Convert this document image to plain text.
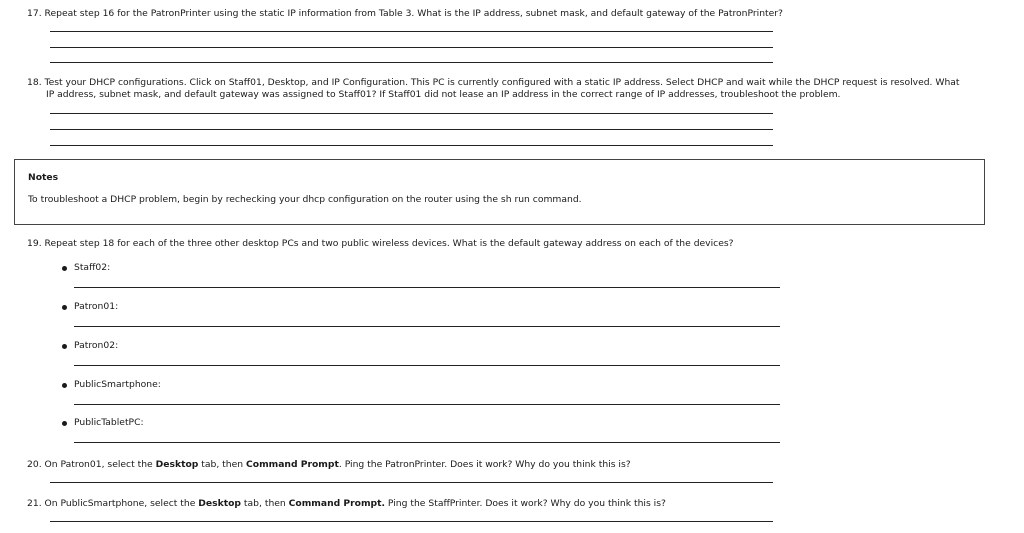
17. Repeat step 16 for the PatronPrinter using the static IP information from Table 3. What is the IP address, subnet mask, and default gateway of the PatronPrinter?
18. Test your DHCP configurations. Click on Staff01, Desktop, and IP Configuration. This PC is currently configured with a static IP address. Select DHCP and wait while the DHCP request is resolved. What
IP address, subnet mask, and default gateway was assigned to Staff01? If Staff01 did not lease an IP address in the correct range of IP addresses, troubleshoot the problem.
Notes
To troubleshoot a DHCP problem, begin by rechecking your dhcp configuration on the router using the sh run command.
19. Repeat step 18 for each of the three other desktop PCs and two public wireless devices. What is the default gateway address on each of the devices?
Staff02:
Patron01:
Patron02:
PublicSmartphone:
PublicTabletPC:
20. On Patron01, select the Desktop tab, then Command Prompt. Ping the PatronPrinter. Does it work? Why do you think this is?
21. On PublicSmartphone, select the Desktop tab, then Command Prompt. Ping the StaffPrinter. Does it work? Why do you think this is?
